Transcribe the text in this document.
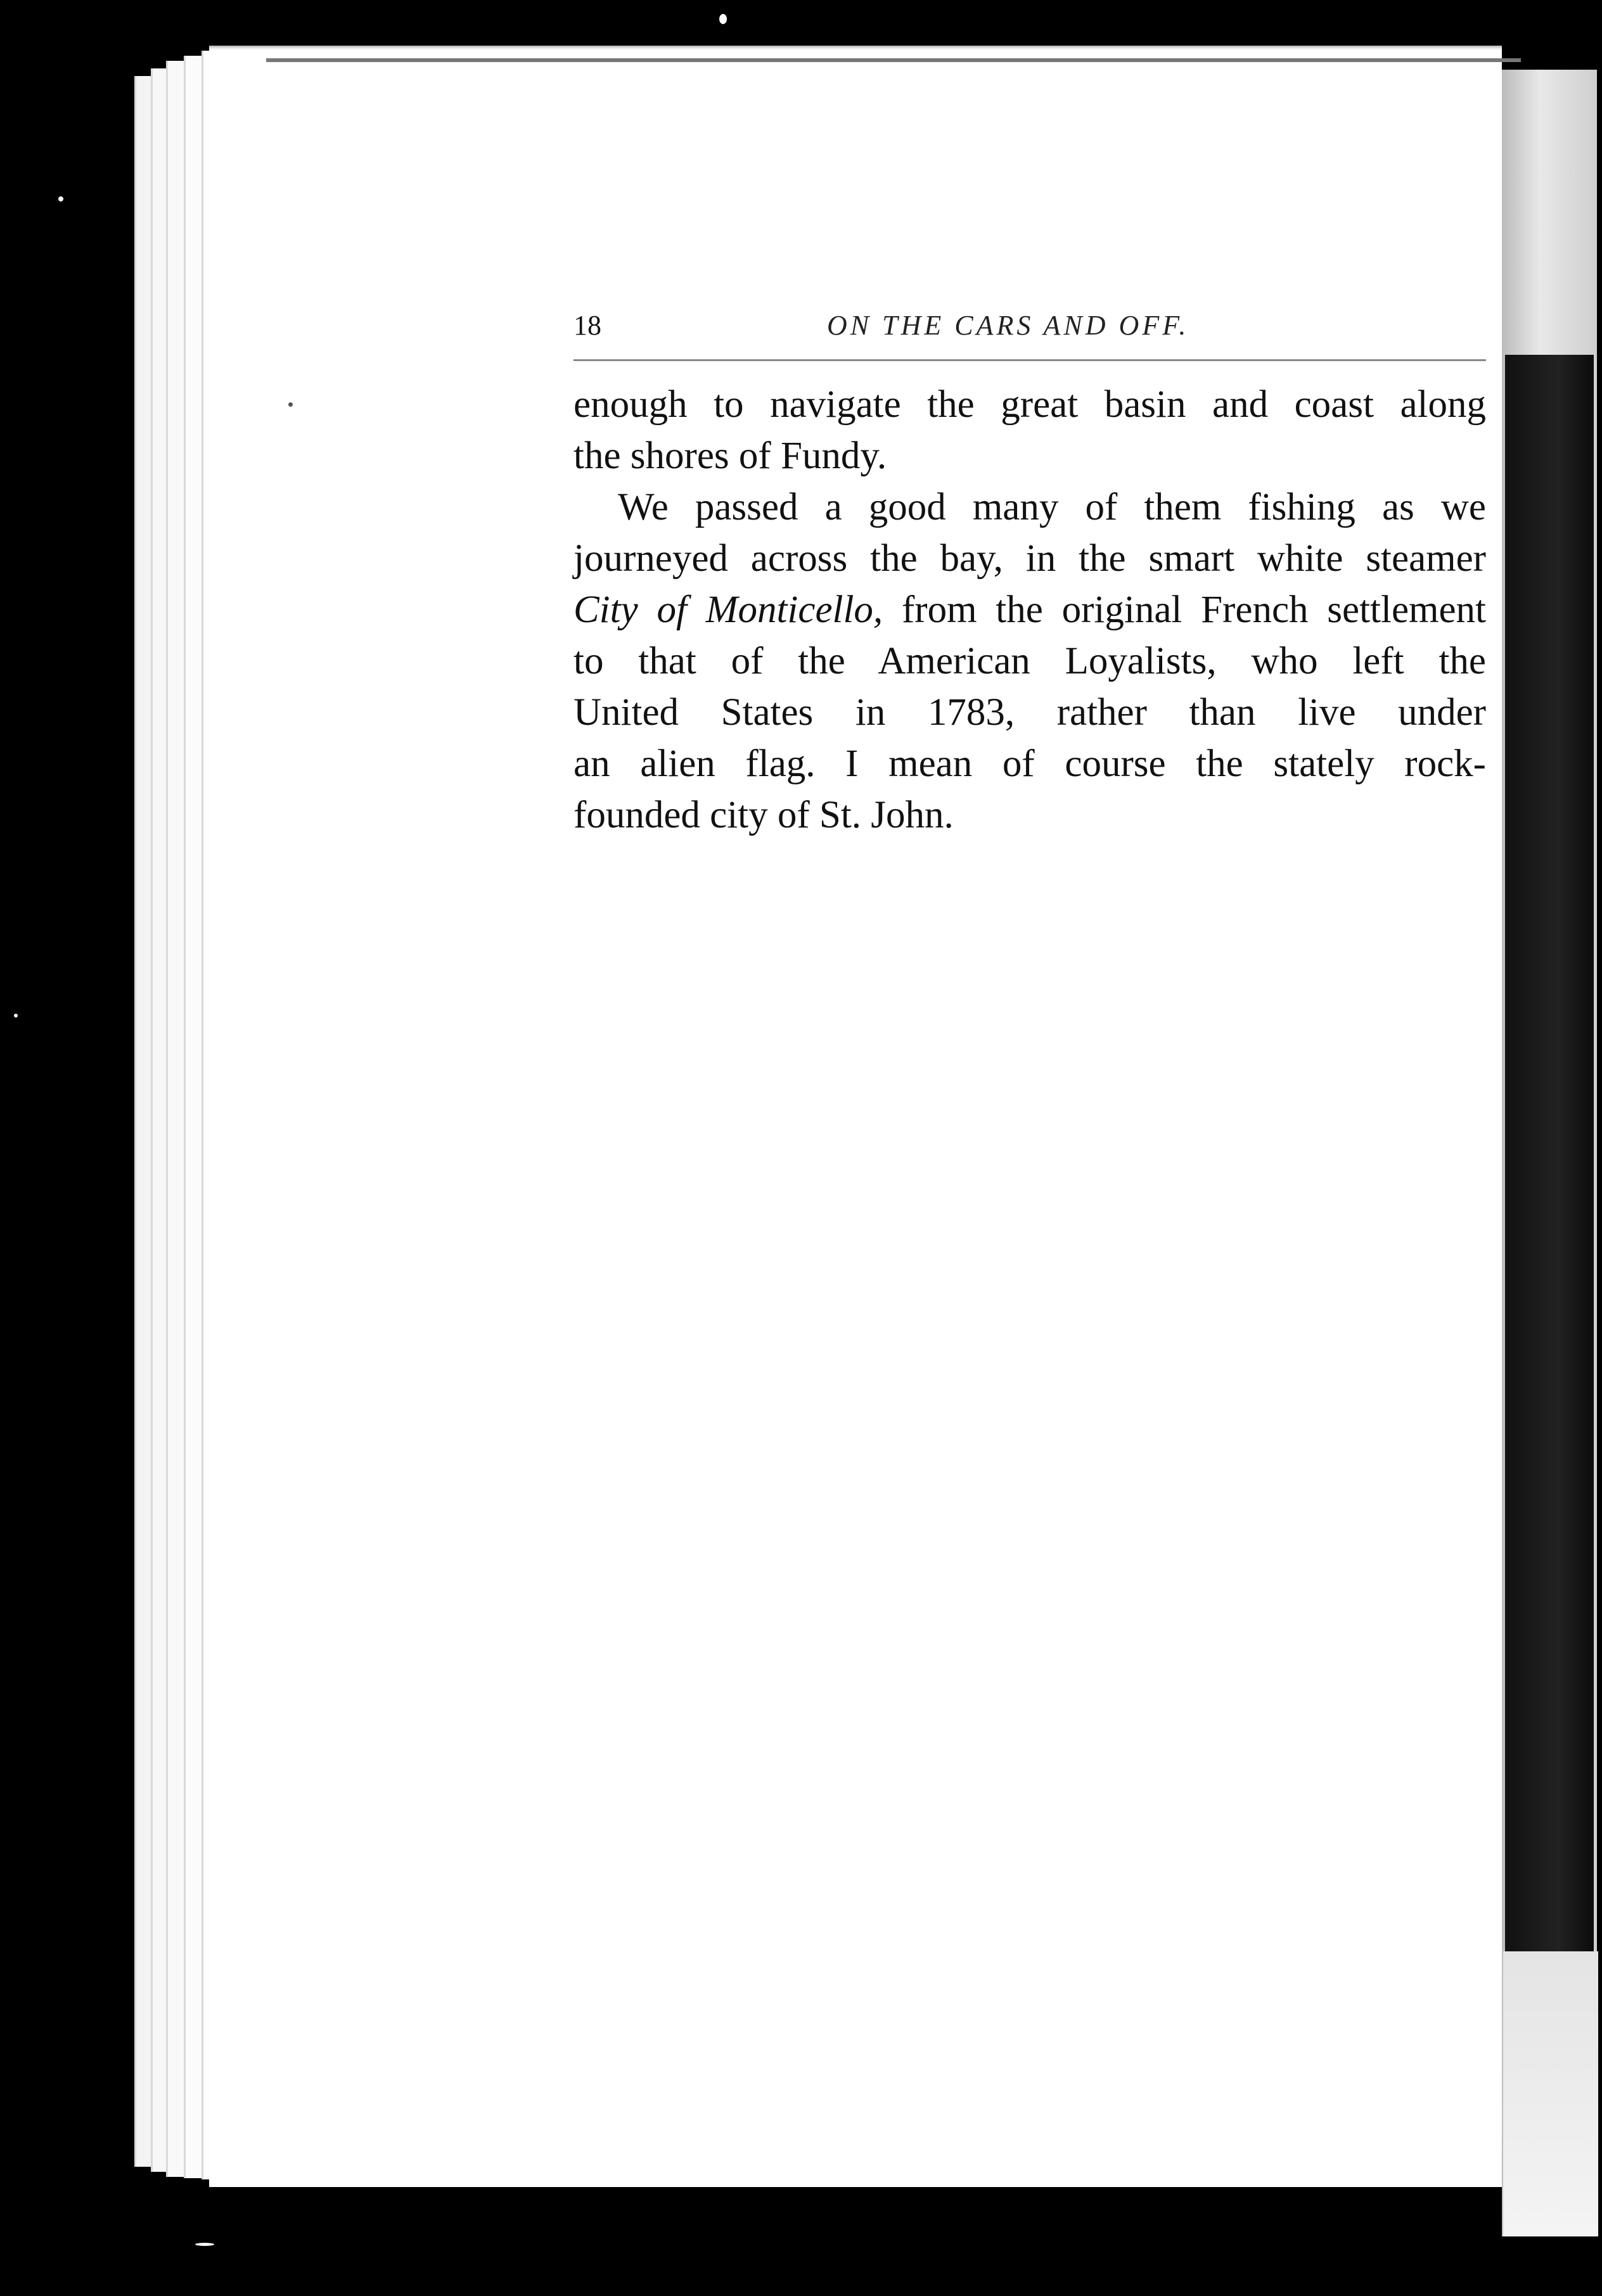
18	ON THE CARS AND OFF.
enough to navigate the great basin and coast along
the shores of Fundy.
We passed a good many of them fishing as we
journeyed across the bay, in the smart white steamer
City of Monticello, from the original French settlement
to that of the American Loyalists, who left the
United States in 1783, rather than live under
an alien flag. I mean of course the stately rock-
founded city of St. John.
